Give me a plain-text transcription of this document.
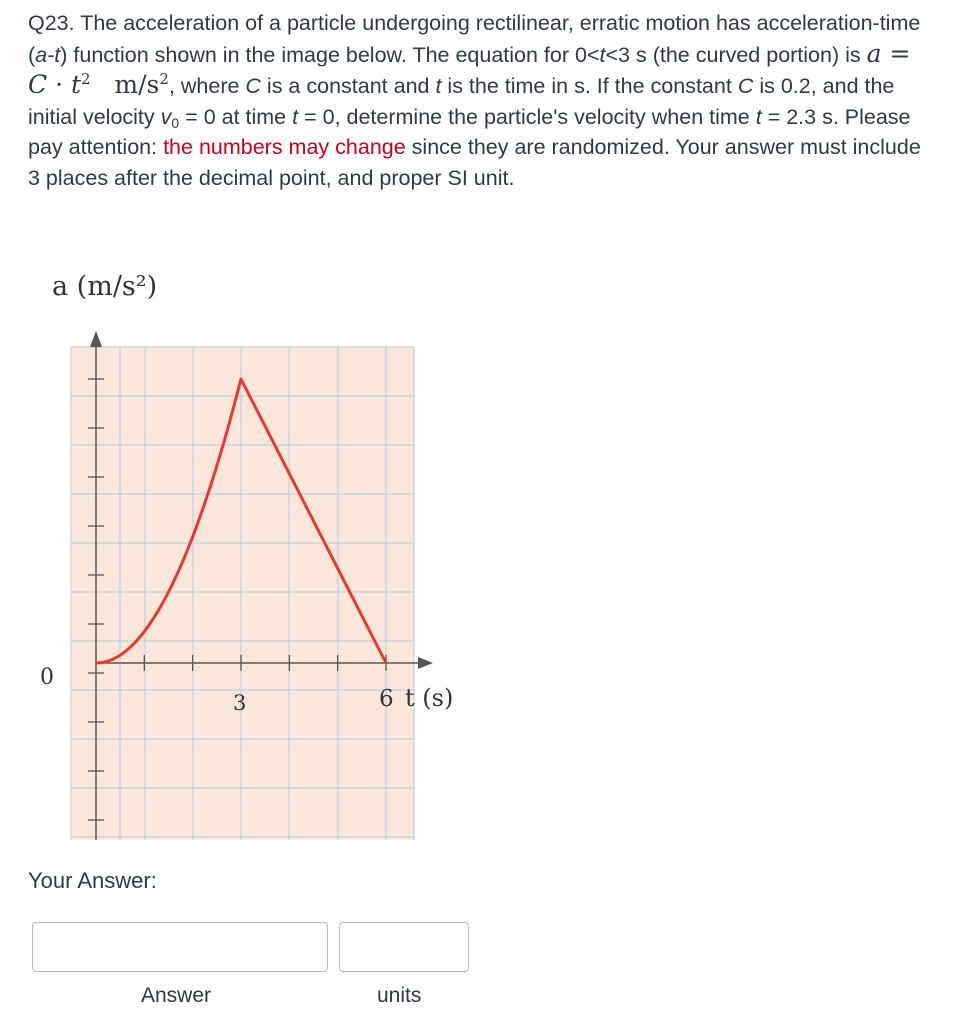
Q23. The acceleration of a particle undergoing rectilinear, erratic motion has acceleration-time (a-t) function shown in the image below. The equation for 0<t<3 s (the curved portion) is $a = C \cdot t^2$ $m/s^2$, where C is a constant and t is the time in s. If the constant C is 0.2, and the initial velocity $v_0 = 0$ at time t = 0, determine the particle's velocity when time t = 2.3 s. Please pay attention: the numbers may change since they are randomized. Your answer must include 3 places after the decimal point, and proper SI unit.

a (m/s²)
0
3	6 t (s)
Your Answer:
Answer	units
